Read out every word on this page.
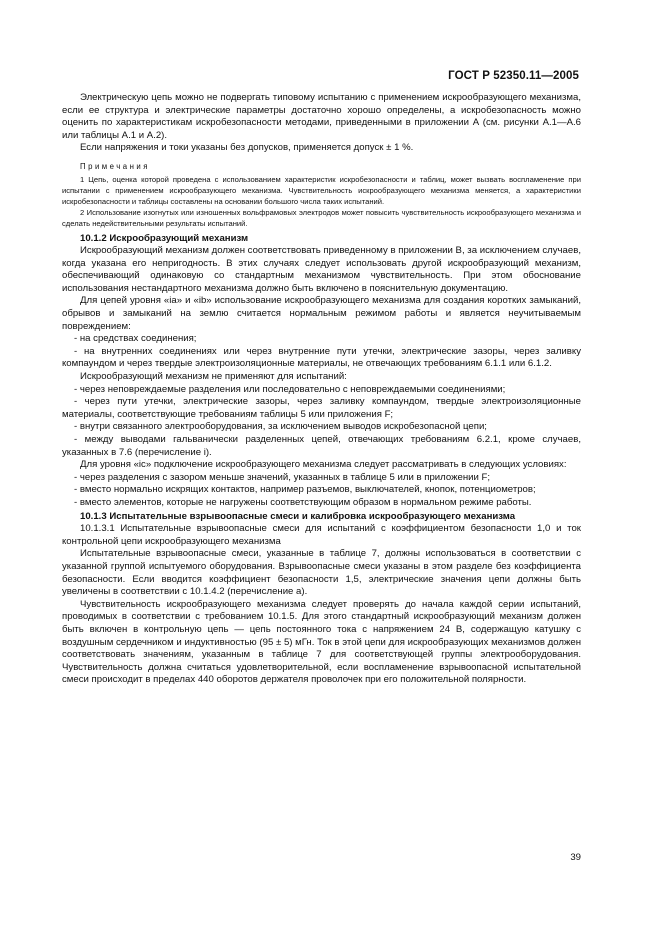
ГОСТ Р 52350.11—2005

Электрическую цепь можно не подвергать типовому испытанию с применением искрообразующего механизма, если ее структура и электрические параметры достаточно хорошо определены, а искробезопасность можно оценить по характеристикам искробезопасности методами, приведенными в приложении А (см. рисунки А.1—А.6 или таблицы А.1 и А.2).

Если напряжения и токи указаны без допусков, применяется допуск ± 1 %.

Примечания

1 Цепь, оценка которой проведена с использованием характеристик искробезопасности и таблиц, может вызвать воспламенение при испытании с применением искрообразующего механизма. Чувствительность искрообразующего механизма меняется, а характеристики искробезопасности и таблицы составлены на основании большого числа таких испытаний.

2 Использование изогнутых или изношенных вольфрамовых электродов может повысить чувствительность искрообразующего механизма и сделать недействительными результаты испытаний.

10.1.2 Искрообразующий механизм

Искрообразующий механизм должен соответствовать приведенному в приложении В, за исключением случаев, когда указана его непригодность. В этих случаях следует использовать другой искрообразующий механизм, обеспечивающий одинаковую со стандартным механизмом чувствительность. При этом обоснование использования нестандартного механизма должно быть включено в пояснительную документацию.

Для цепей уровня «ia» и «ib» использование искрообразующего механизма для создания коротких замыканий, обрывов и замыканий на землю считается нормальным режимом работы и является неучитываемым повреждением:

- на средствах соединения;

- на внутренних соединениях или через внутренние пути утечки, электрические зазоры, через заливку компаундом и через твердые электроизоляционные материалы, не отвечающих требованиям 6.1.1 или 6.1.2.

Искрообразующий механизм не применяют для испытаний:

- через неповреждаемые разделения или последовательно с неповреждаемыми соединениями;

- через пути утечки, электрические зазоры, через заливку компаундом, твердые электроизоляционные материалы, соответствующие требованиям таблицы 5 или приложения F;

- внутри связанного электрооборудования, за исключением выводов искробезопасной цепи;

- между выводами гальванически разделенных цепей, отвечающих требованиям 6.2.1, кроме случаев, указанных в 7.6 (перечисление i).

Для уровня «ic» подключение искрообразующего механизма следует рассматривать в следующих условиях:

- через разделения с зазором меньше значений, указанных в таблице 5 или в приложении F;

- вместо нормально искрящих контактов, например разъемов, выключателей, кнопок, потенциометров;

- вместо элементов, которые не нагружены соответствующим образом в нормальном режиме работы.

10.1.3 Испытательные взрывоопасные смеси и калибровка искрообразующего механизма

10.1.3.1 Испытательные взрывоопасные смеси для испытаний с коэффициентом безопасности 1,0 и ток контрольной цепи искрообразующего механизма

Испытательные взрывоопасные смеси, указанные в таблице 7, должны использоваться в соответствии с указанной группой испытуемого оборудования. Взрывоопасные смеси указаны в этом разделе без коэффициента безопасности. Если вводится коэффициент безопасности 1,5, электрические значения цепи должны быть увеличены в соответствии с 10.1.4.2 (перечисление а).

Чувствительность искрообразующего механизма следует проверять до начала каждой серии испытаний, проводимых в соответствии с требованием 10.1.5. Для этого стандартный искрообразующий механизм должен быть включен в контрольную цепь — цепь постоянного тока с напряжением 24 В, содержащую катушку с воздушным сердечником и индуктивностью (95 ± 5) мГн. Ток в этой цепи для искрообразующих механизмов должен соответствовать значениям, указанным в таблице 7 для соответствующей группы электрооборудования. Чувствительность должна считаться удовлетворительной, если воспламенение взрывоопасной испытательной смеси происходит в пределах 440 оборотов держателя проволочек при его положительной полярности.

39
